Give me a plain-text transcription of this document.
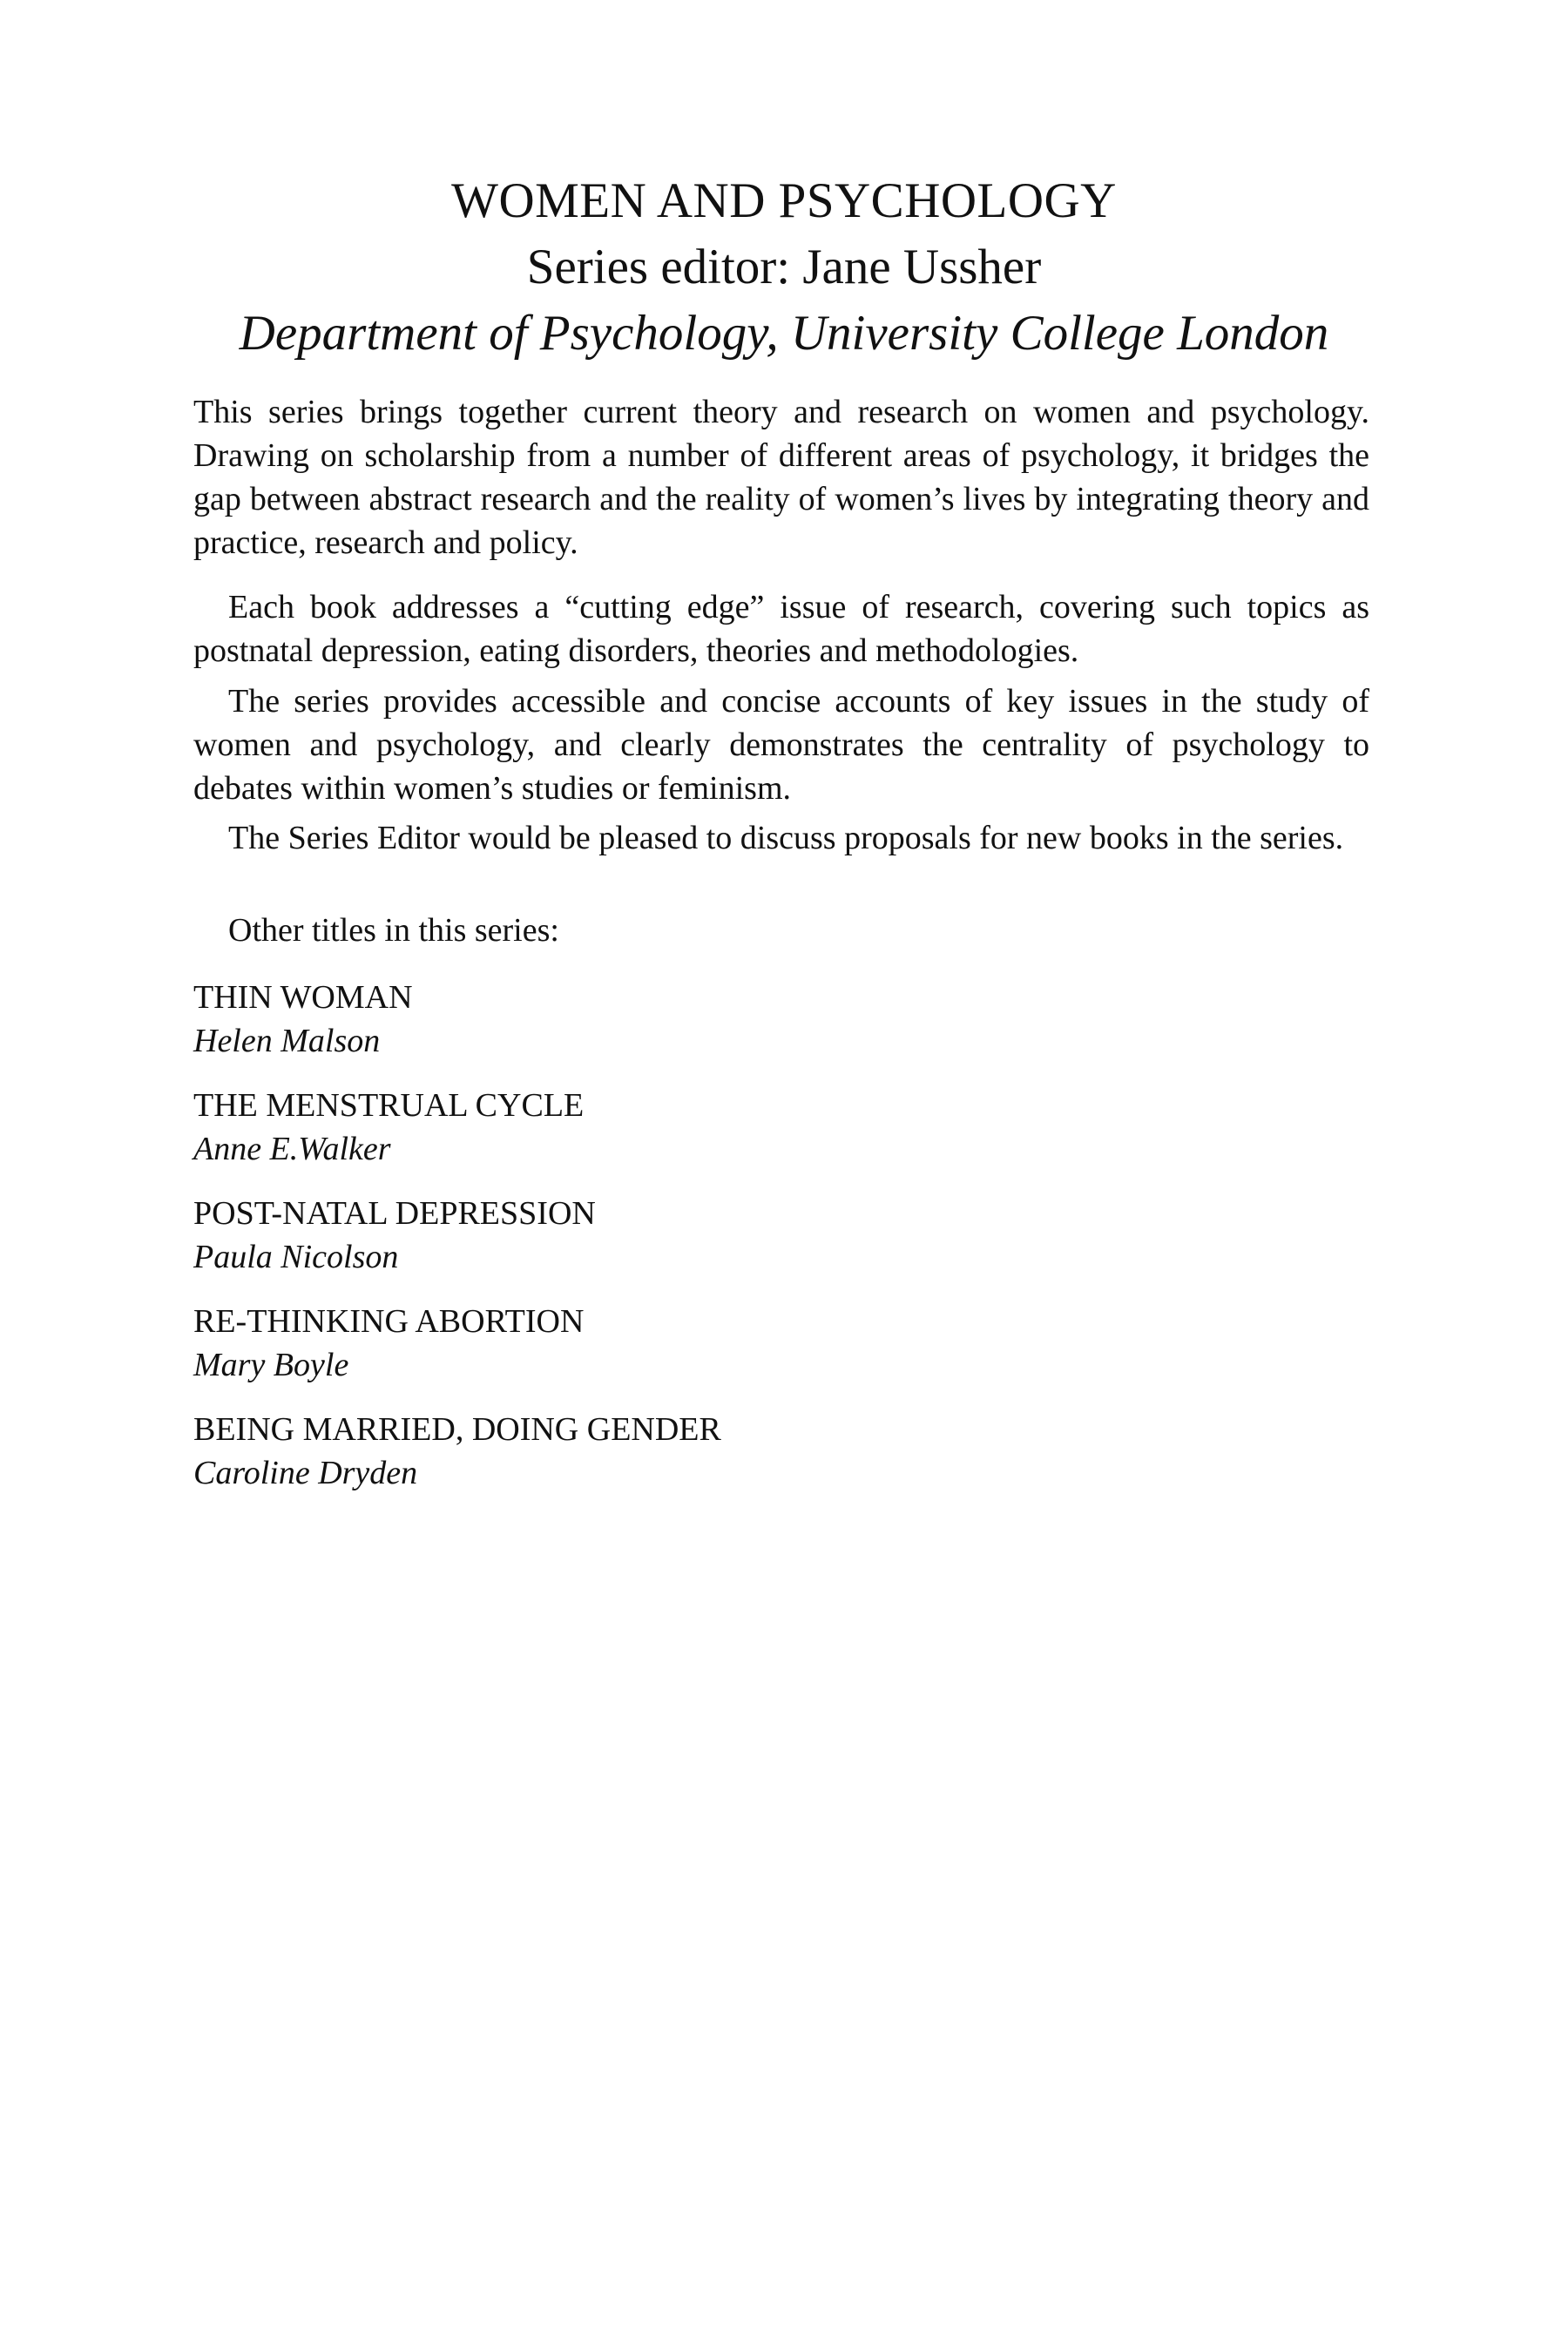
WOMEN AND PSYCHOLOGY

Series editor: Jane Ussher

Department of Psychology, University College London

This series brings together current theory and research on women and psychology. Drawing on scholarship from a number of different areas of psychology, it bridges the gap between abstract research and the reality of women’s lives by integrating theory and practice, research and policy.

Each book addresses a “cutting edge” issue of research, covering such topics as postnatal depression, eating disorders, theories and methodologies.

The series provides accessible and concise accounts of key issues in the study of women and psychology, and clearly demonstrates the centrality of psychology to debates within women’s studies or feminism.

The Series Editor would be pleased to discuss proposals for new books in the series.

Other titles in this series:

THIN WOMAN
Helen Malson
THE MENSTRUAL CYCLE
Anne E.Walker
POST-NATAL DEPRESSION
Paula Nicolson
RE-THINKING ABORTION
Mary Boyle
BEING MARRIED, DOING GENDER
Caroline Dryden
